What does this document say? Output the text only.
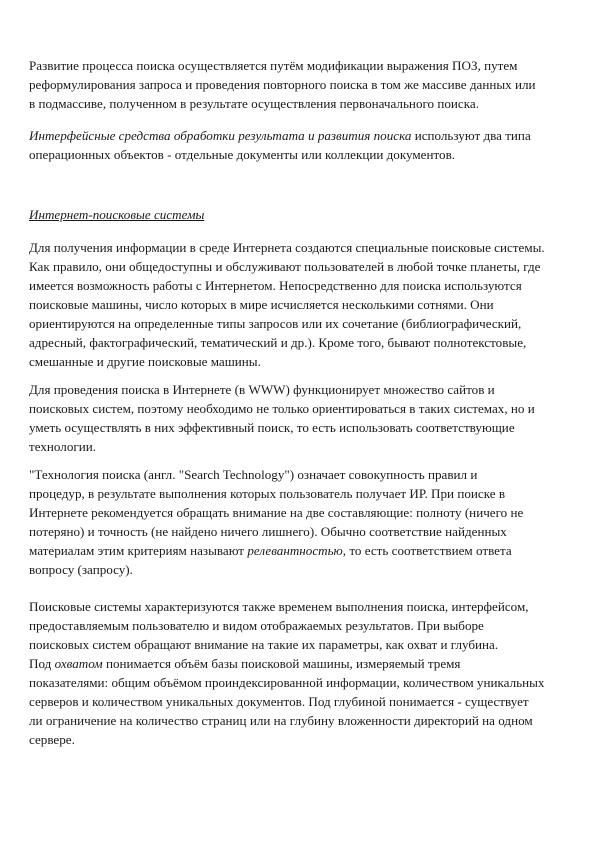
Развитие процесса поиска осуществляется путём модификации выражения ПОЗ, путем
реформулирования запроса и проведения повторного поиска в том же массиве данных или
в подмассиве, полученном в результате осуществления первоначального поиска.

Интерфейсные средства обработки результата и развития поиска используют два типа
операционных объектов - отдельные документы или коллекции документов.

Интернет-поисковые системы

Для получения информации в среде Интернета создаются специальные поисковые системы.
Как правило, они общедоступны и обслуживают пользователей в любой точке планеты, где
имеется возможность работы с Интернетом. Непосредственно для поиска используются
поисковые машины, число которых в мире исчисляется несколькими сотнями. Они
ориентируются на определенные типы запросов или их сочетание (библиографический,
адресный, фактографический, тематический и др.). Кроме того, бывают полнотекстовые,
смешанные и другие поисковые машины.

Для проведения поиска в Интернете (в WWW) функционирует множество сайтов и
поисковых систем, поэтому необходимо не только ориентироваться в таких системах, но и
уметь осуществлять в них эффективный поиск, то есть использовать соответствующие
технологии.

"Технология поиска (англ. "Search Technology") означает совокупность правил и
процедур, в результате выполнения которых пользователь получает ИР. При поиске в
Интернете рекомендуется обращать внимание на две составляющие: полноту (ничего не
потеряно) и точность (не найдено ничего лишнего). Обычно соответствие найденных
материалам этим критериям называют релевантностью, то есть соответствием ответа
вопросу (запросу).

Поисковые системы характеризуются также временем выполнения поиска, интерфейсом,
предоставляемым пользователю и видом отображаемых результатов. При выборе
поисковых систем обращают внимание на такие их параметры, как охват и глубина.
Под охватом понимается объём базы поисковой машины, измеряемый тремя
показателями: общим объёмом проиндексированной информации, количеством уникальных
серверов и количеством уникальных документов. Под глубиной понимается - существует
ли ограничение на количество страниц или на глубину вложенности директорий на одном
сервере.
